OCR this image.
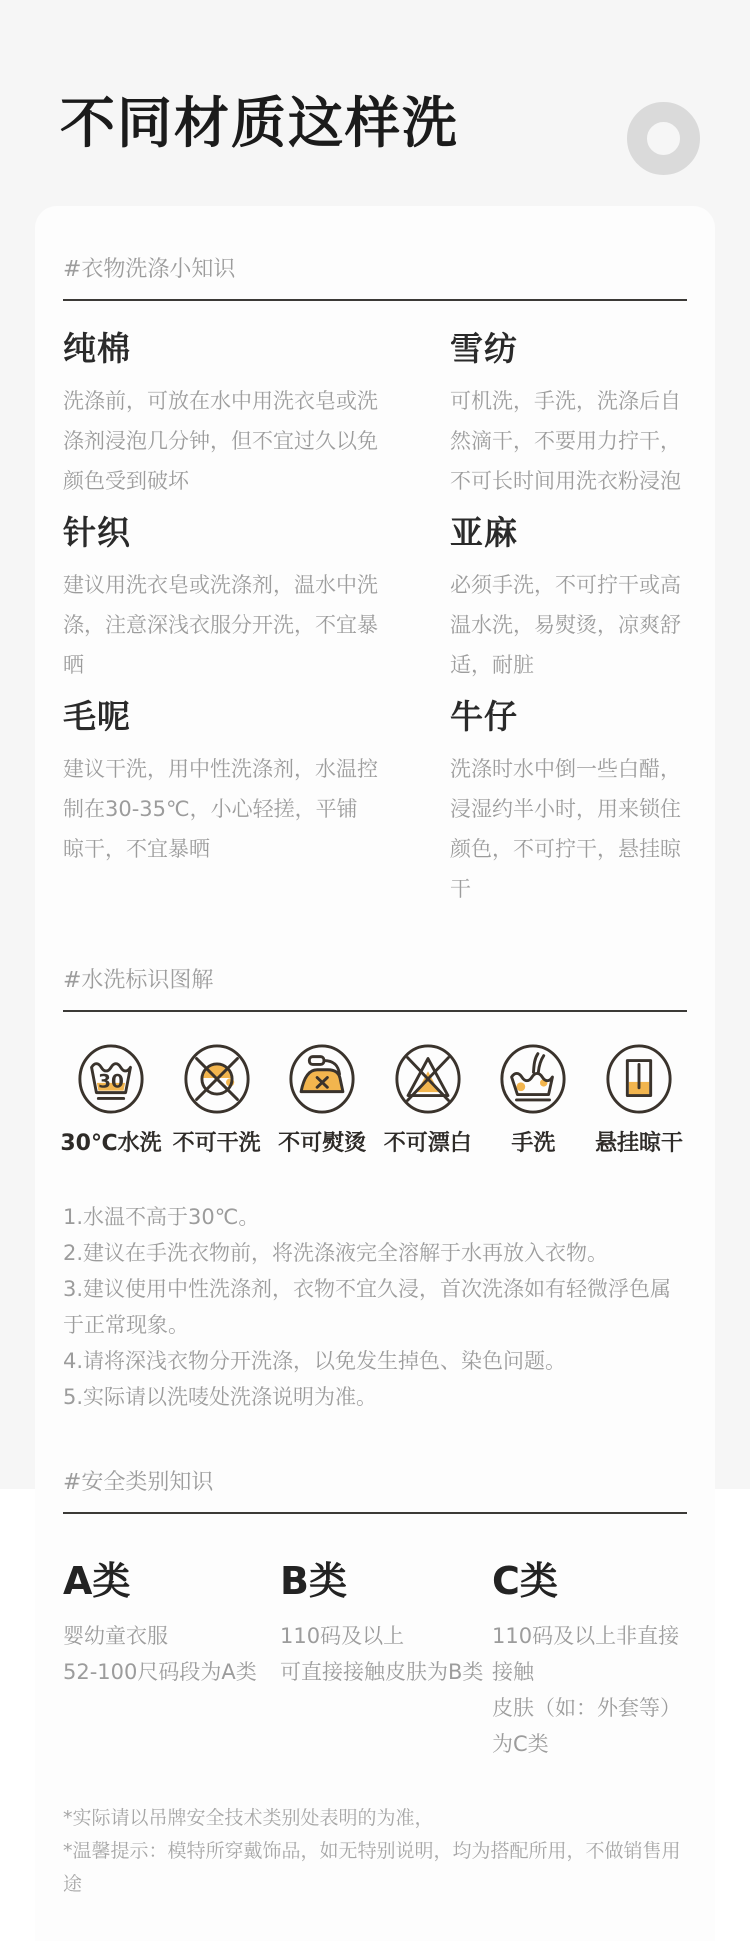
不同材质这样洗
#衣物洗涤小知识
纯棉

洗涤前，可放在水中用洗衣皂或洗涤剂浸泡几分钟，但不宜过久以免颜色受到破坏

雪纺

可机洗，手洗，洗涤后自然滴干，不要用力拧干，不可长时间用洗衣粉浸泡

针织

建议用洗衣皂或洗涤剂，温水中洗涤，注意深浅衣服分开洗，不宜暴晒

亚麻

必须手洗，不可拧干或高温水洗，易熨烫，凉爽舒适，耐脏

毛呢

建议干洗，用中性洗涤剂，水温控制在30-35℃，小心轻搓，平铺晾干，不宜暴晒

牛仔

洗涤时水中倒一些白醋，浸湿约半小时，用来锁住颜色，不可拧干，悬挂晾干

#水洗标识图解
30
30℃水洗 不可干洗 不可熨烫 不可漂白 手洗 悬挂晾干
1.水温不高于30℃。
2.建议在手洗衣物前，将洗涤液完全溶解于水再放入衣物。
3.建议使用中性洗涤剂，衣物不宜久浸，首次洗涤如有轻微浮色属于正常现象。
4.请将深浅衣物分开洗涤，以免发生掉色、染色问题。
5.实际请以洗唛处洗涤说明为准。
#安全类别知识
A类

婴幼童衣服

52-100尺码段为A类

B类

110码及以上

可直接接触皮肤为B类

C类

110码及以上非直接接触

皮肤（如：外套等）为C类

*实际请以吊牌安全技术类别处表明的为准，

*温馨提示：模特所穿戴饰品，如无特别说明，均为搭配所用，不做销售用途
